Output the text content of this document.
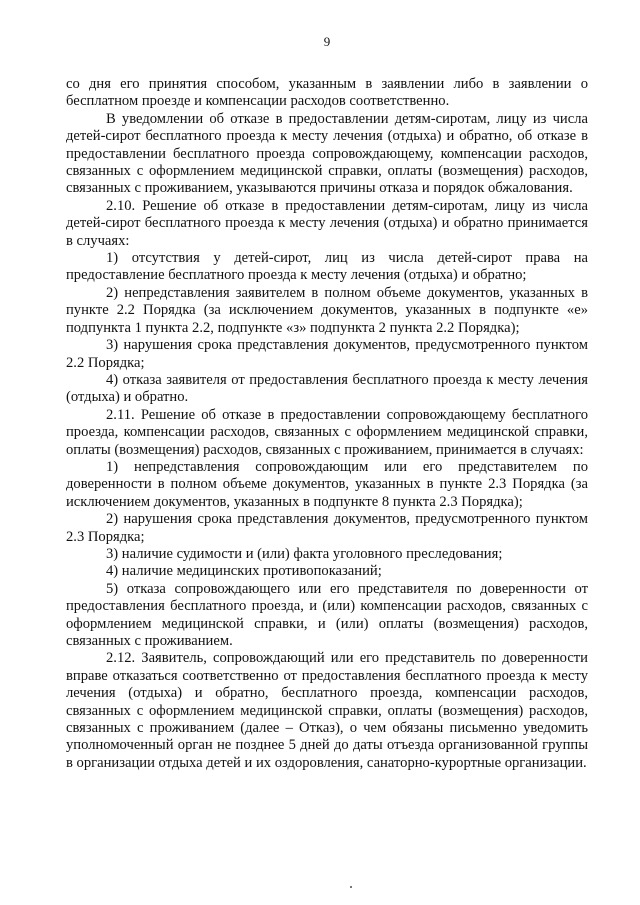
9

со дня его принятия способом, указанным в заявлении либо в заявлении о бесплатном проезде и компенсации расходов соответственно.

В уведомлении об отказе в предоставлении детям-сиротам, лицу из числа детей-сирот бесплатного проезда к месту лечения (отдыха) и обратно, об отказе в предоставлении бесплатного проезда сопровождающему, компенсации расходов, связанных с оформлением медицинской справки, оплаты (возмещения) расходов, связанных с проживанием, указываются причины отказа и порядок обжалования.

2.10. Решение об отказе в предоставлении детям-сиротам, лицу из числа детей-сирот бесплатного проезда к месту лечения (отдыха) и обратно принимается в случаях:

1) отсутствия у детей-сирот, лиц из числа детей-сирот права на предоставление бесплатного проезда к месту лечения (отдыха) и обратно;

2) непредставления заявителем в полном объеме документов, указанных в пункте 2.2 Порядка (за исключением документов, указанных в подпункте «е» подпункта 1 пункта 2.2, подпункте «з» подпункта 2 пункта 2.2 Порядка);

3) нарушения срока представления документов, предусмотренного пунктом 2.2 Порядка;

4) отказа заявителя от предоставления бесплатного проезда к месту лечения (отдыха) и обратно.

2.11. Решение об отказе в предоставлении сопровождающему бесплатного проезда, компенсации расходов, связанных с оформлением медицинской справки, оплаты (возмещения) расходов, связанных с проживанием, принимается в случаях:

1) непредставления сопровождающим или его представителем по доверенности в полном объеме документов, указанных в пункте 2.3 Порядка (за исключением документов, указанных в подпункте 8 пункта 2.3 Порядка);

2) нарушения срока представления документов, предусмотренного пунктом 2.3 Порядка;

3) наличие судимости и (или) факта уголовного преследования;

4) наличие медицинских противопоказаний;

5) отказа сопровождающего или его представителя по доверенности от предоставления бесплатного проезда, и (или) компенсации расходов, связанных с оформлением медицинской справки, и (или) оплаты (возмещения) расходов, связанных с проживанием.

2.12. Заявитель, сопровождающий или его представитель по доверенности вправе отказаться соответственно от предоставления бесплатного проезда к месту лечения (отдыха) и обратно, бесплатного проезда, компенсации расходов, связанных с оформлением медицинской справки, оплаты (возмещения) расходов, связанных с проживанием (далее – Отказ), о чем обязаны письменно уведомить уполномоченный орган не позднее 5 дней до даты отъезда организованной группы в организации отдыха детей и их оздоровления, санаторно-курортные организации.
